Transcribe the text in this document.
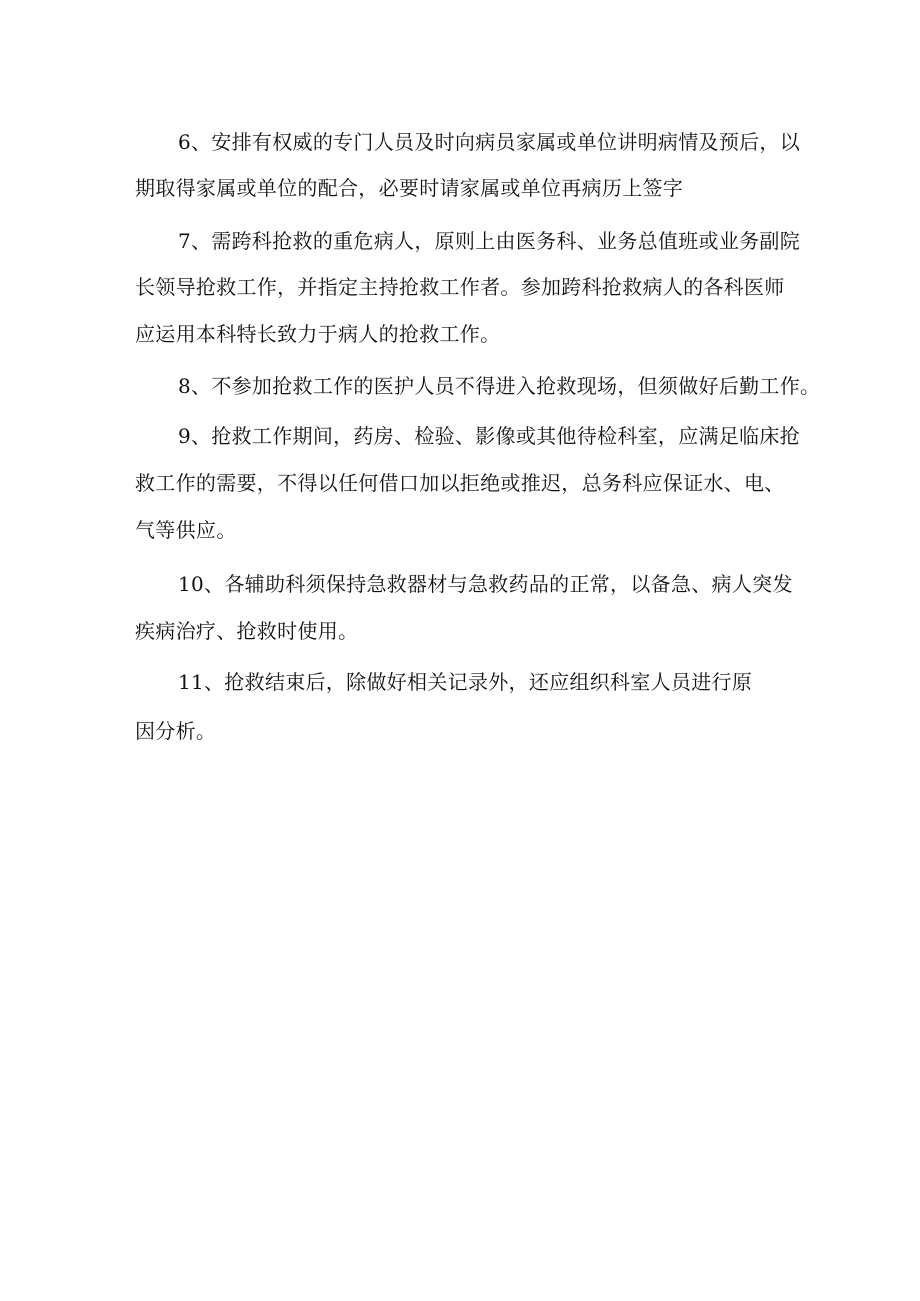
6、安排有权威的专门人员及时向病员家属或单位讲明病情及预后，以
期取得家属或单位的配合，必要时请家属或单位再病历上签字
7、需跨科抢救的重危病人，原则上由医务科、业务总值班或业务副院
长领导抢救工作，并指定主持抢救工作者。参加跨科抢救病人的各科医师
应运用本科特长致力于病人的抢救工作。
8、不参加抢救工作的医护人员不得进入抢救现场，但须做好后勤工作。
9、抢救工作期间，药房、检验、影像或其他待检科室，应满足临床抢
救工作的需要，不得以任何借口加以拒绝或推迟，总务科应保证水、电、
气等供应。
10、各辅助科须保持急救器材与急救药品的正常，以备急、病人突发
疾病治疗、抢救时使用。
11、抢救结束后，除做好相关记录外，还应组织科室人员进行原
因分析。
